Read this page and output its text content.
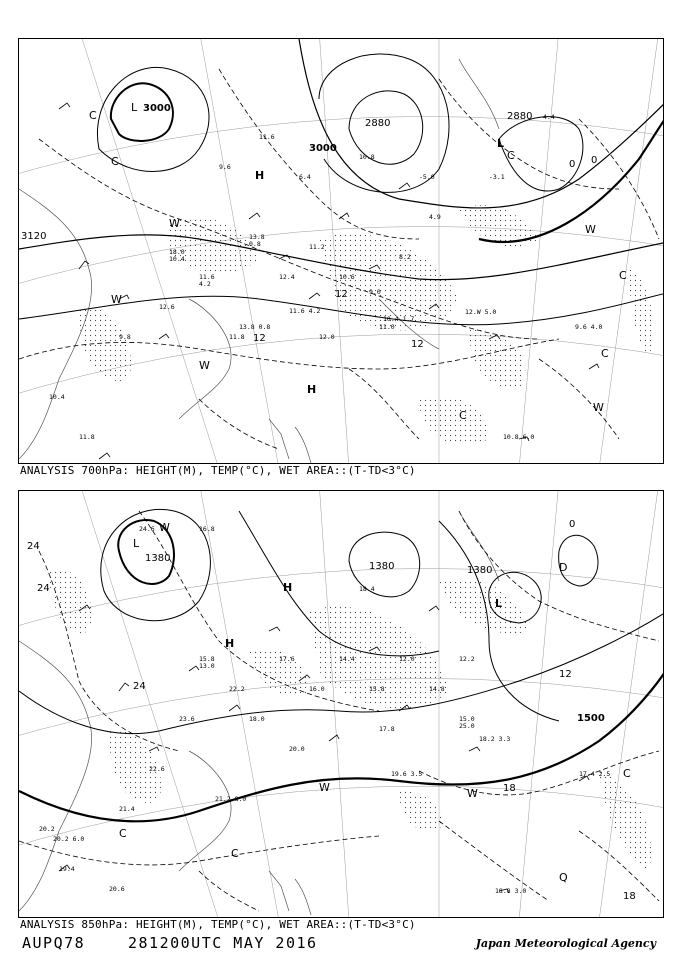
18.0
10.4
11.6
4.2
13.8
0.8
12.4
11.2
10.6
9.0
8.2
4.9
11.0
12.6
9.8
10.4
11.8
11.8	12.0
10.8
-5.0	-3.1
-4.4
11.6
6.4
9.6
9.6 4.0
12.W 5.0
10.8 6.0
10.4 1.7
11.6 4.2
13.8 0.8
3000
3000
2880
2880
3120
12
12
12
0 0
L
L
H
H
C
W
C
C	C
C
C
W
W
W
W
ANALYSIS 700hPa: HEIGHT(M), TEMP(°C), WET AREA::(T-TD<3°C)
15.8
13.0
22.2
18.0
17.6
16.0
14.4
15.8
12.0
14.8
12.2
15.0
25.0
23.6
22.6
20.2
19.4
21.4
20.0
17.8
18.4
24.6	16.8
20.6
18.2 3.3
17.4 2.5
19.6 3.5
18.8 3.0
20.2 6.0
21.2 8.0
1380
1380	1380
1500
24
24
24
12
18
18
0
L
L
H
H
C
W
D
C
C
W
Q
W
ANALYSIS 850hPa: HEIGHT(M), TEMP(°C), WET AREA::(T-TD<3°C)
AUPQ78	281200UTC MAY 2016	Japan Meteorological Agency
